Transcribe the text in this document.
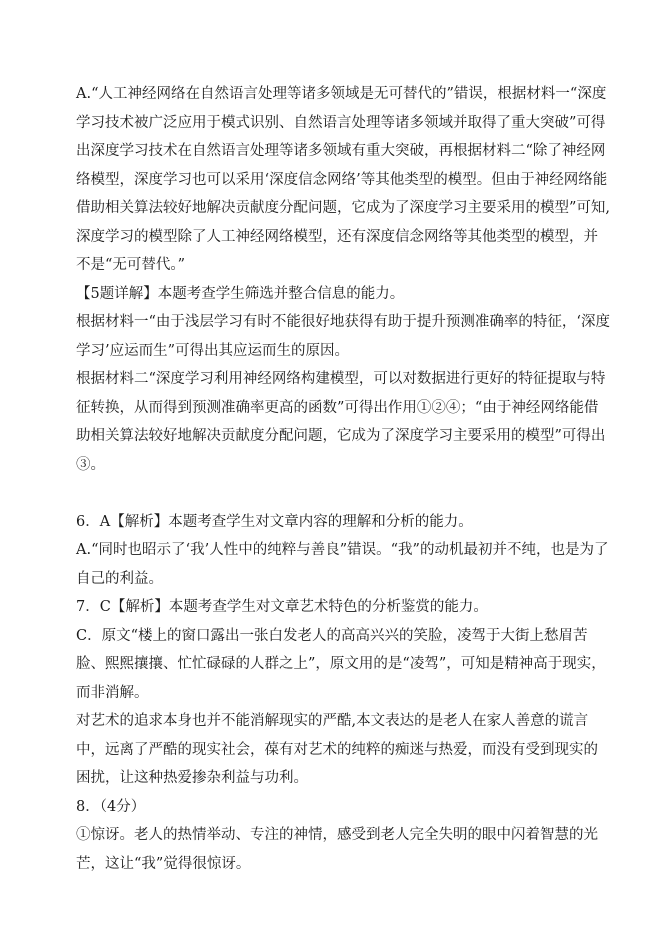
A.“人工神经网络在自然语言处理等诸多领域是无可替代的”错误，根据材料一“深度学习技术被广泛应用于模式识别、自然语言处理等诸多领域并取得了重大突破”可得出深度学习技术在自然语言处理等诸多领域有重大突破，再根据材料二“除了神经网络模型，深度学习也可以采用‘深度信念网络’等其他类型的模型。但由于神经网络能借助相关算法较好地解决贡献度分配问题，它成为了深度学习主要采用的模型”可知,深度学习的模型除了人工神经网络模型，还有深度信念网络等其他类型的模型，并不是“无可替代。”

【5题详解】本题考查学生筛选并整合信息的能力。

根据材料一“由于浅层学习有时不能很好地获得有助于提升预测准确率的特征，‘深度学习’应运而生”可得出其应运而生的原因。

根据材料二“深度学习利用神经网络构建模型，可以对数据进行更好的特征提取与特征转换，从而得到预测准确率更高的函数”可得出作用①②④；“由于神经网络能借助相关算法较好地解决贡献度分配问题，它成为了深度学习主要采用的模型”可得出③。

6．A【解析】本题考查学生对文章内容的理解和分析的能力。

A.“同时也昭示了‘我’人性中的纯粹与善良”错误。“我”的动机最初并不纯，也是为了自己的利益。

7．C【解析】本题考查学生对文章艺术特色的分析鉴赏的能力。

C．原文“楼上的窗口露出一张白发老人的高高兴兴的笑脸，凌驾于大街上愁眉苦脸、熙熙攘攘、忙忙碌碌的人群之上”，原文用的是“凌驾”，可知是精神高于现实，而非消解。

对艺术的追求本身也并不能消解现实的严酷,本文表达的是老人在家人善意的谎言中，远离了严酷的现实社会，葆有对艺术的纯粹的痴迷与热爱，而没有受到现实的困扰，让这种热爱掺杂利益与功利。

8．（4分）

①惊讶。老人的热情举动、专注的神情，感受到老人完全失明的眼中闪着智慧的光芒，这让“我”觉得很惊讶。
